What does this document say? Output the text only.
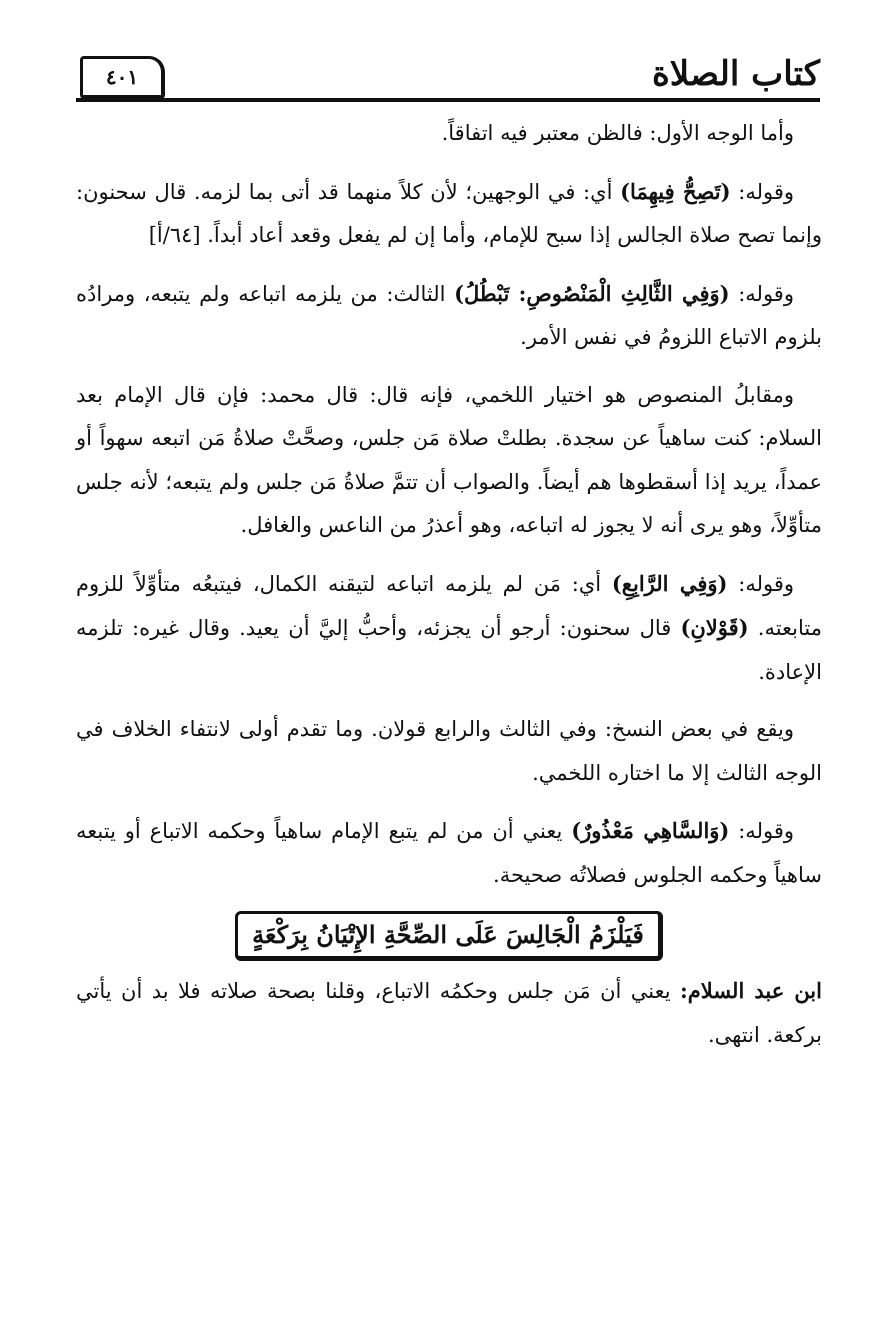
كتاب الصلاة
٤٠١

وأما الوجه الأول: فالظن معتبر فيه اتفاقاً.

وقوله: (تَصِحُّ فِيهِمَا) أي: في الوجهين؛ لأن كلاً منهما قد أتى بما لزمه. قال سحنون: وإنما تصح صلاة الجالس إذا سبح للإمام، وأما إن لم يفعل وقعد أعاد أبداً. [٦٤/أ]

وقوله: (وَفِي الثَّالِثِ الْمَنْصُوصِ: تَبْطُلُ) الثالث: من يلزمه اتباعه ولم يتبعه، ومرادُه بلزوم الاتباع اللزومُ في نفس الأمر.

ومقابلُ المنصوص هو اختيار اللخمي، فإنه قال: قال محمد: فإن قال الإمام بعد السلام: كنت ساهياً عن سجدة. بطلتْ صلاة مَن جلس، وصحَّتْ صلاةُ مَن اتبعه سهواً أو عمداً، يريد إذا أسقطوها هم أيضاً. والصواب أن تتمَّ صلاةُ مَن جلس ولم يتبعه؛ لأنه جلس متأوِّلاً، وهو يرى أنه لا يجوز له اتباعه، وهو أعذرُ من الناعس والغافل.

وقوله: (وَفِي الرَّابِعِ) أي: مَن لم يلزمه اتباعه لتيقنه الكمال، فيتبعُه متأوِّلاً للزوم متابعته. (قَوْلانِ) قال سحنون: أرجو أن يجزئه، وأحبُّ إليَّ أن يعيد. وقال غيره: تلزمه الإعادة.

ويقع في بعض النسخ: وفي الثالث والرابع قولان. وما تقدم أولى لانتفاء الخلاف في الوجه الثالث إلا ما اختاره اللخمي.

وقوله: (وَالسَّاهِي مَعْذُورٌ) يعني أن من لم يتبع الإمام ساهياً وحكمه الاتباع أو يتبعه ساهياً وحكمه الجلوس فصلاتُه صحيحة.

فَيَلْزَمُ الْجَالِسَ عَلَى الصِّحَّةِ الإِتْيَانُ بِرَكْعَةٍ

ابن عبد السلام: يعني أن مَن جلس وحكمُه الاتباع، وقلنا بصحة صلاته فلا بد أن يأتي بركعة. انتهى.
